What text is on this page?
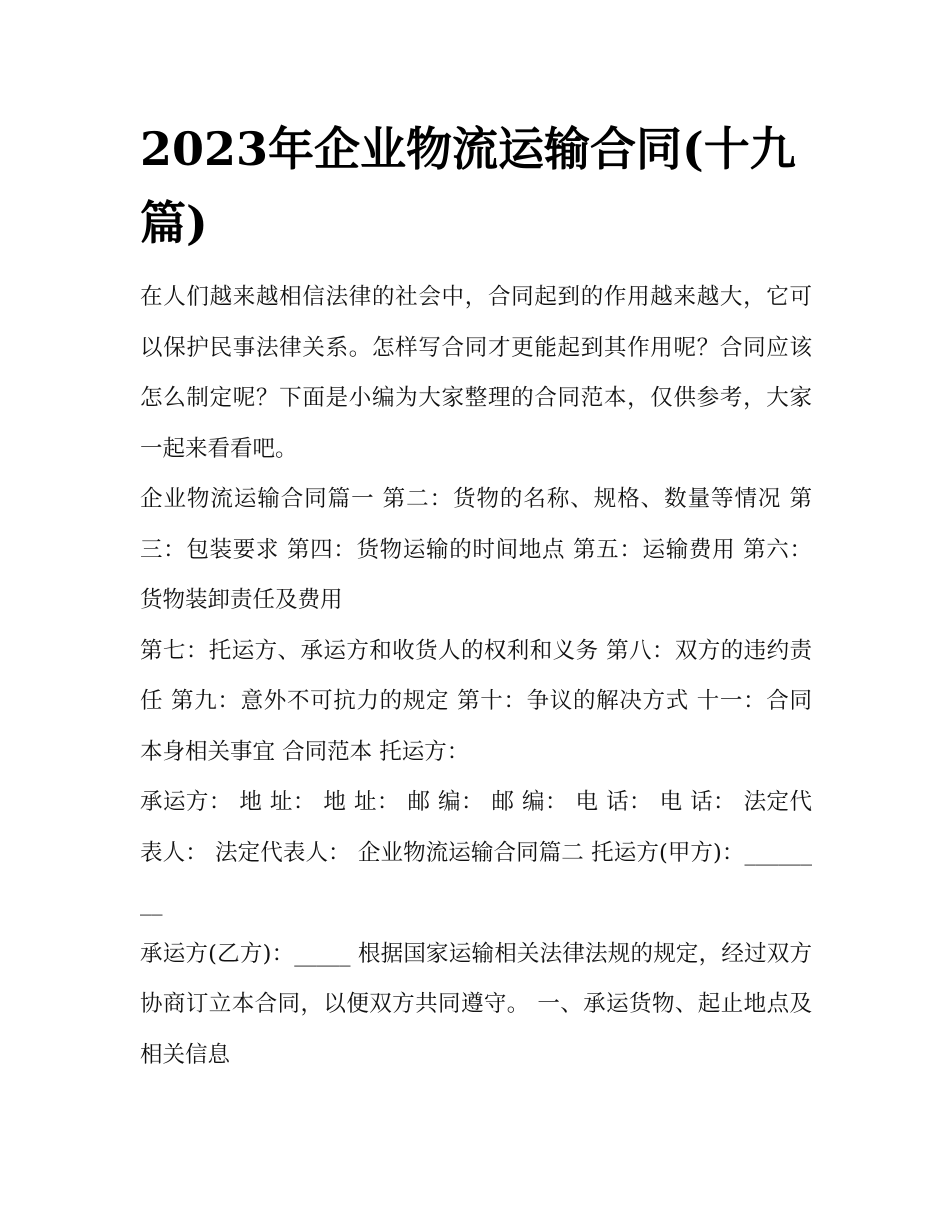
2023年企业物流运输合同(十九篇)

在人们越来越相信法律的社会中，合同起到的作用越来越大，它可以保护民事法律关系。怎样写合同才更能起到其作用呢？合同应该怎么制定呢？下面是小编为大家整理的合同范本，仅供参考，大家一起来看看吧。

企业物流运输合同篇一 第二：货物的名称、规格、数量等情况 第三：包装要求 第四：货物运输的时间地点 第五：运输费用 第六：货物装卸责任及费用

第七：托运方、承运方和收货人的权利和义务 第八：双方的违约责任 第九：意外不可抗力的规定 第十：争议的解决方式 十一：合同本身相关事宜 合同范本 托运方：

承运方： 地 址： 地 址： 邮 编： 邮 编： 电 话： 电 话： 法定代表人： 法定代表人： 企业物流运输合同篇二 托运方(甲方)：________

承运方(乙方)：_____ 根据国家运输相关法律法规的规定，经过双方协商订立本合同，以便双方共同遵守。 一、承运货物、起止地点及相关信息
